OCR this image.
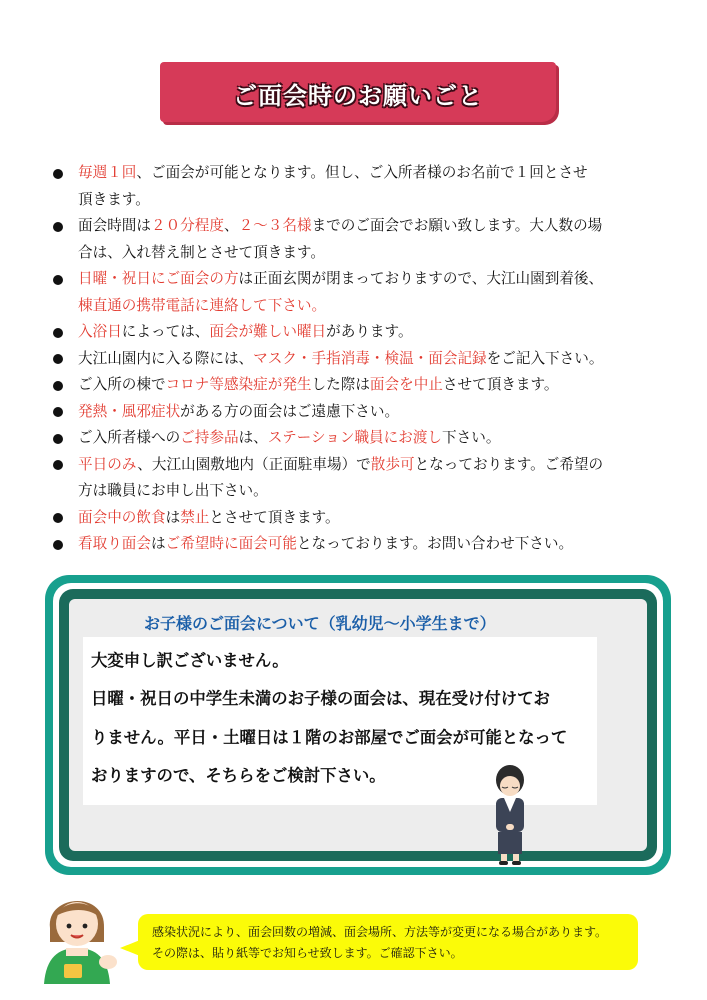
ご面会時のお願いごと
毎週１回、ご面会が可能となります。但し、ご入所者様のお名前で１回とさせ
頂きます。
面会時間は２０分程度、２～３名様までのご面会でお願い致します。大人数の場
合は、入れ替え制とさせて頂きます。
日曜・祝日にご面会の方は正面玄関が閉まっておりますので、大江山園到着後、
棟直通の携帯電話に連絡して下さい。
入浴日によっては、面会が難しい曜日があります。
大江山園内に入る際には、マスク・手指消毒・検温・面会記録をご記入下さい。
ご入所の棟でコロナ等感染症が発生した際は面会を中止させて頂きます。
発熱・風邪症状がある方の面会はご遠慮下さい。
ご入所者様へのご持参品は、ステーション職員にお渡し下さい。
平日のみ、大江山園敷地内（正面駐車場）で散歩可となっております。ご希望の
方は職員にお申し出下さい。
面会中の飲食は禁止とさせて頂きます。
看取り面会はご希望時に面会可能となっております。お問い合わせ下さい。
お子様のご面会について（乳幼児～小学生まで）
大変申し訳ございません。
日曜・祝日の中学生未満のお子様の面会は、現在受け付けてお
りません。平日・土曜日は１階のお部屋でご面会が可能となって
おりますので、そちらをご検討下さい。
感染状況により、面会回数の増減、面会場所、方法等が変更になる場合があります。
その際は、貼り紙等でお知らせ致します。ご確認下さい。
